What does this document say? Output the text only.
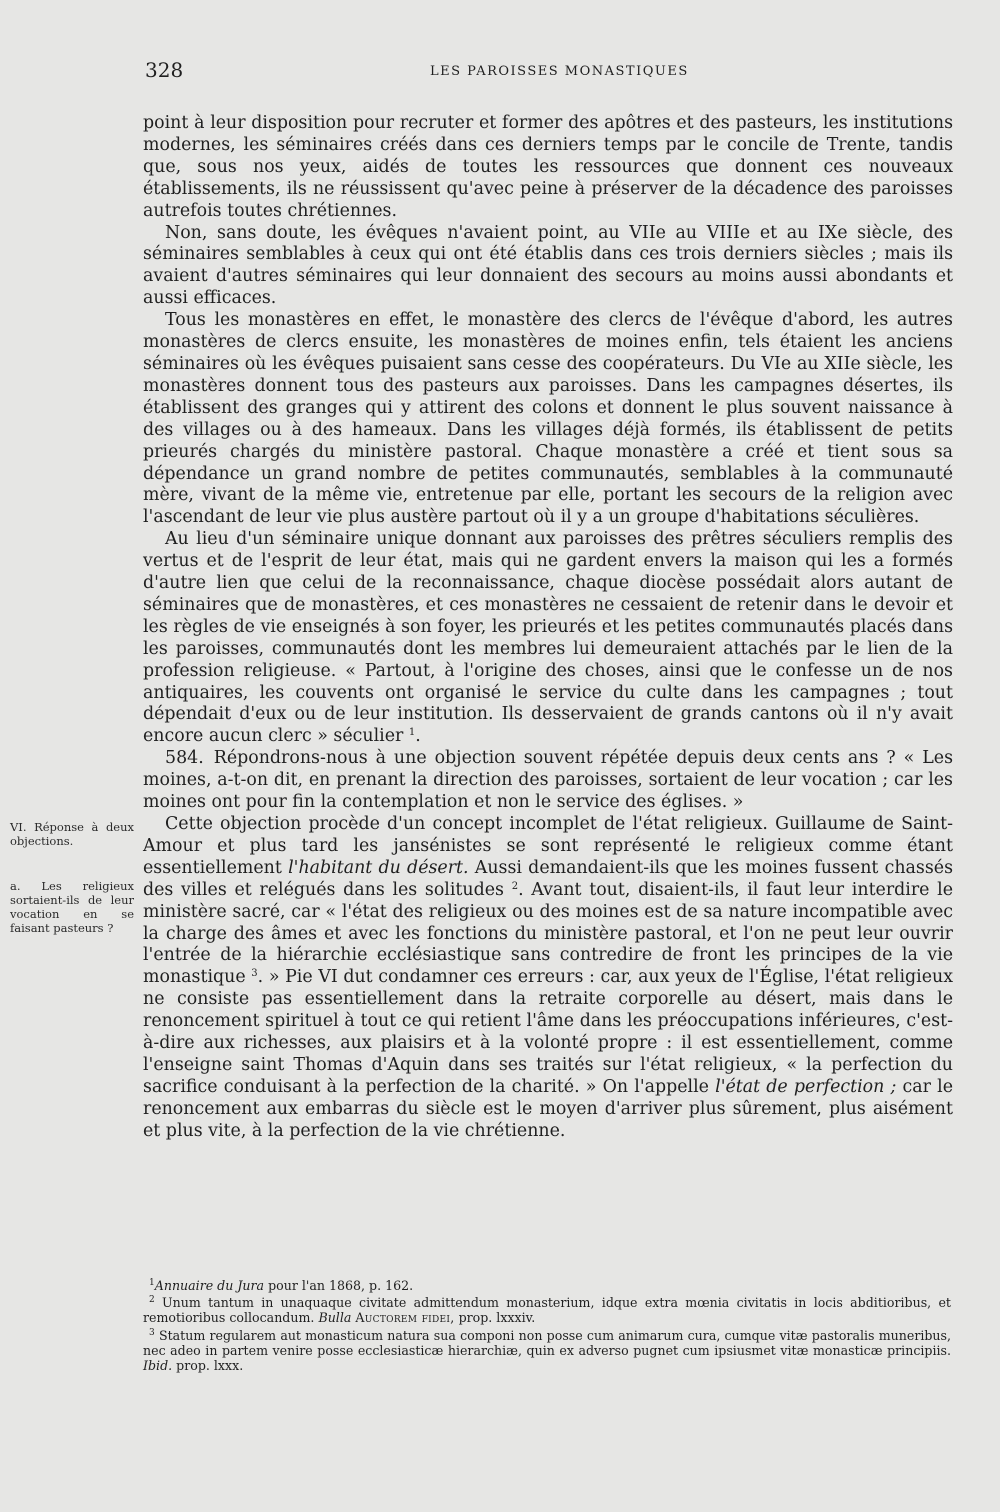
328	LES PAROISSES MONASTIQUES

point à leur disposition pour recruter et former des apôtres et des pasteurs, les institutions modernes, les séminaires créés dans ces derniers temps par le concile de Trente, tandis que, sous nos yeux, aidés de toutes les ressources que donnent ces nouveaux établissements, ils ne réussissent qu'avec peine à préserver de la décadence des paroisses autrefois toutes chrétiennes.

Non, sans doute, les évêques n'avaient point, au VIIe au VIIIe et au IXe siècle, des séminaires semblables à ceux qui ont été établis dans ces trois derniers siècles ; mais ils avaient d'autres séminaires qui leur donnaient des secours au moins aussi abondants et aussi efficaces.

Tous les monastères en effet, le monastère des clercs de l'évêque d'abord, les autres monastères de clercs ensuite, les monastères de moines enfin, tels étaient les anciens séminaires où les évêques puisaient sans cesse des coopérateurs. Du VIe au XIIe siècle, les monastères donnent tous des pasteurs aux paroisses. Dans les campagnes désertes, ils établissent des granges qui y attirent des colons et donnent le plus souvent naissance à des villages ou à des hameaux. Dans les villages déjà formés, ils établissent de petits prieurés chargés du ministère pastoral. Chaque monastère a créé et tient sous sa dépendance un grand nombre de petites communautés, semblables à la communauté mère, vivant de la même vie, entretenue par elle, portant les secours de la religion avec l'ascendant de leur vie plus austère partout où il y a un groupe d'habitations séculières.

Au lieu d'un séminaire unique donnant aux paroisses des prêtres séculiers remplis des vertus et de l'esprit de leur état, mais qui ne gardent envers la maison qui les a formés d'autre lien que celui de la reconnaissance, chaque diocèse possédait alors autant de séminaires que de monastères, et ces monastères ne cessaient de retenir dans le devoir et les règles de vie enseignés à son foyer, les prieurés et les petites communautés placés dans les paroisses, communautés dont les membres lui demeuraient attachés par le lien de la profession religieuse. « Partout, à l'origine des choses, ainsi que le confesse un de nos antiquaires, les couvents ont organisé le service du culte dans les campagnes ; tout dépendait d'eux ou de leur institution. Ils desservaient de grands cantons où il n'y avait encore aucun clerc » séculier $^1$.

584. Répondrons-nous à une objection souvent répétée depuis deux cents ans ? « Les moines, a-t-on dit, en prenant la direction des paroisses, sortaient de leur vocation ; car les moines ont pour fin la contemplation et non le service des églises. »

Cette objection procède d'un concept incomplet de l'état religieux. Guillaume de Saint-Amour et plus tard les jansénistes se sont représenté le religieux comme étant essentiellement l'habitant du désert. Aussi demandaient-ils que les moines fussent chassés des villes et relégués dans les solitudes $^2$. Avant tout, disaient-ils, il faut leur interdire le ministère sacré, car « l'état des religieux ou des moines est de sa nature incompatible avec la charge des âmes et avec les fonctions du ministère pastoral, et l'on ne peut leur ouvrir l'entrée de la hiérarchie ecclésiastique sans contredire de front les principes de la vie monastique $^3$. » Pie VI dut condamner ces erreurs : car, aux yeux de l'Église, l'état religieux ne consiste pas essentiellement dans la retraite corporelle au désert, mais dans le renoncement spirituel à tout ce qui retient l'âme dans les préoccupations inférieures, c'est-à-dire aux richesses, aux plaisirs et à la volonté propre : il est essentiellement, comme l'enseigne saint Thomas d'Aquin dans ses traités sur l'état religieux, « la perfection du sacrifice conduisant à la perfection de la charité. » On l'appelle l'état de perfection ; car le renoncement aux embarras du siècle est le moyen d'arriver plus sûrement, plus aisément et plus vite, à la perfection de la vie chrétienne.

VI. Réponse à deux objections.
a. Les religieux sortaient-ils de leur vocation en se faisant pasteurs ?

$^1$Annuaire du Jura pour l'an 1868, p. 162.

$^2$ Unum tantum in unaquaque civitate admittendum monasterium, idque extra mœnia civitatis in locis abditioribus, et remotioribus collocandum. Bulla Auctorem fidei, prop. lxxxiv.

$^3$ Statum regularem aut monasticum natura sua componi non posse cum animarum cura, cumque vitæ pastoralis muneribus, nec adeo in partem venire posse ecclesiasticæ hierarchiæ, quin ex adverso pugnet cum ipsiusmet vitæ monasticæ principiis. Ibid. prop. lxxx.
